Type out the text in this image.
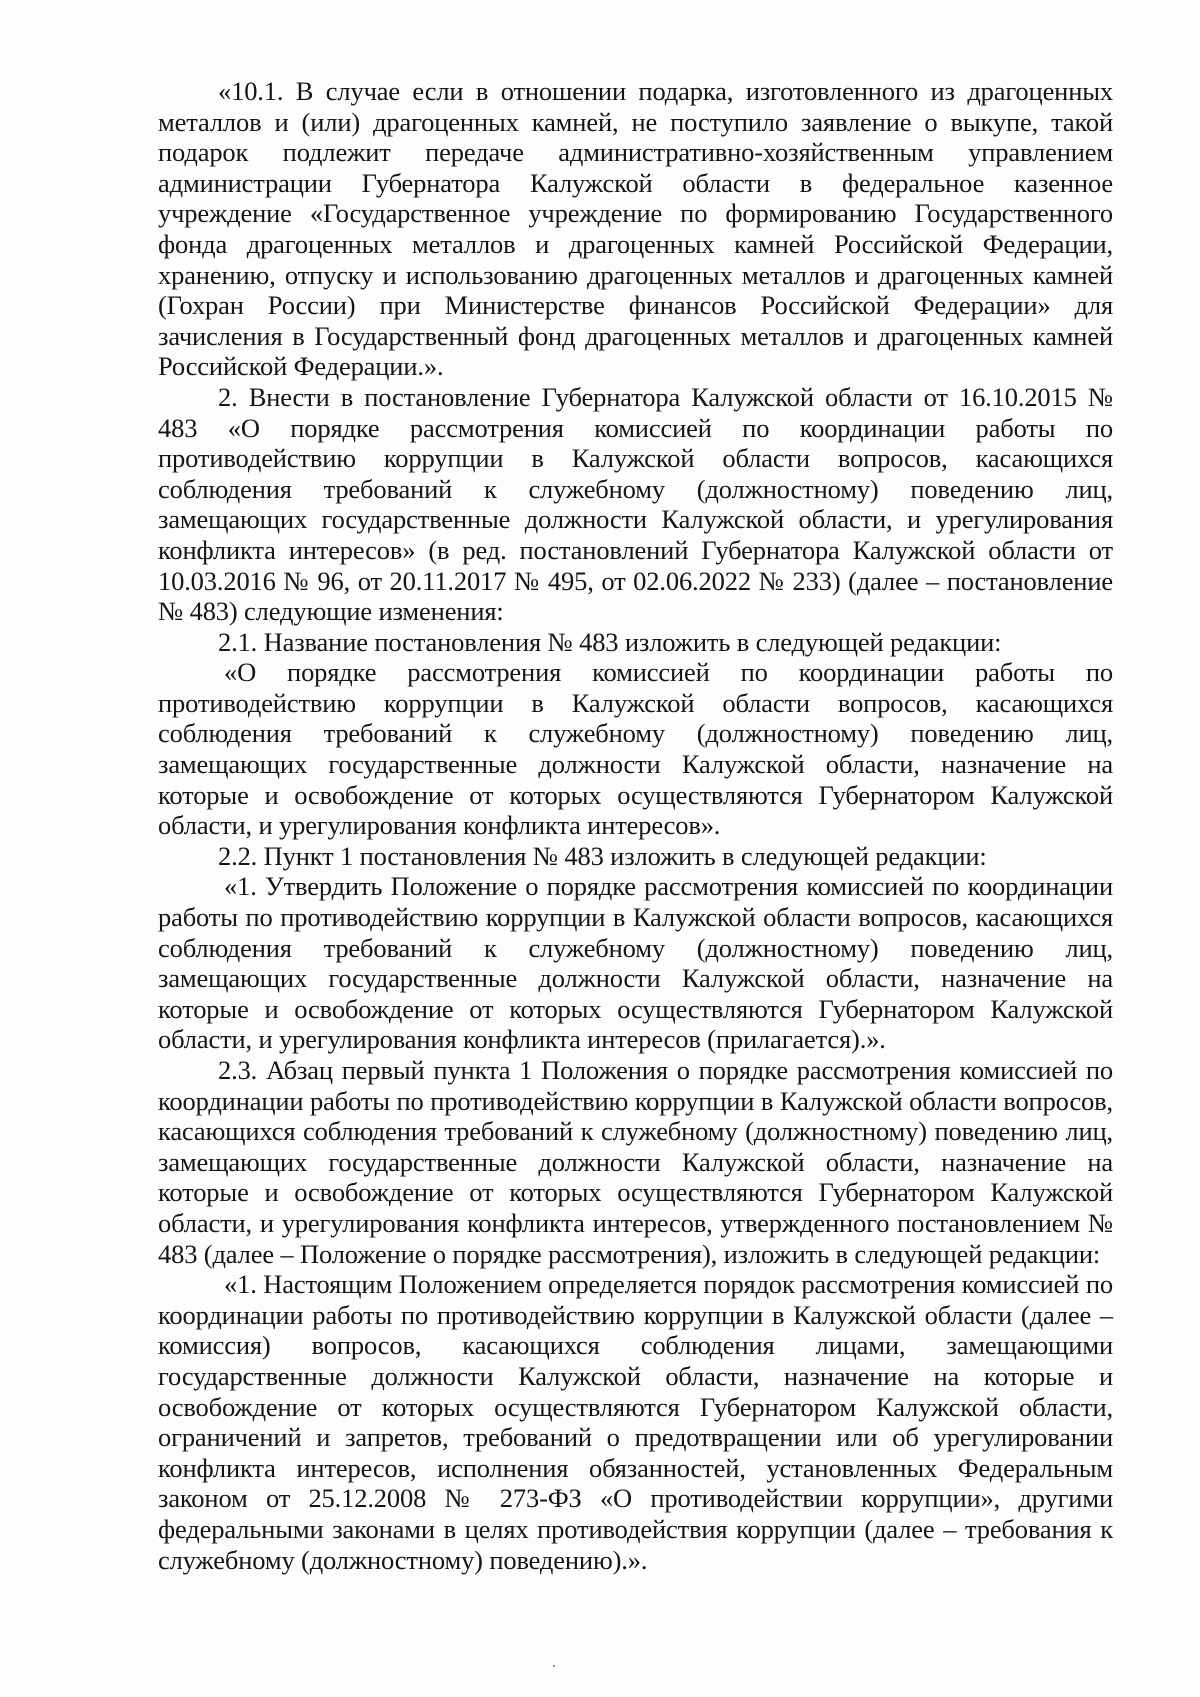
«10.1. В случае если в отношении подарка, изготовленного из драгоценных металлов и (или) драгоценных камней, не поступило заявление о выкупе, такой подарок подлежит передаче административно-хозяйственным управлением администрации Губернатора Калужской области в федеральное казенное учреждение «Государственное учреждение по формированию Государственного фонда драгоценных металлов и драгоценных камней Российской Федерации, хранению, отпуску и использованию драгоценных металлов и драгоценных камней (Гохран России) при Министерстве финансов Российской Федерации» для зачисления в Государственный фонд драгоценных металлов и драгоценных камней Российской Федерации.».

2. Внести в постановление Губернатора Калужской области от 16.10.2015 № 483 «О порядке рассмотрения комиссией по координации работы по противодействию коррупции в Калужской области вопросов, касающихся соблюдения требований к служебному (должностному) поведению лиц, замещающих государственные должности Калужской области, и урегулирования конфликта интересов» (в ред. постановлений Губернатора Калужской области от 10.03.2016 № 96, от 20.11.2017 № 495, от 02.06.2022 № 233) (далее – постановление № 483) следующие изменения:

2.1. Название постановления № 483 изложить в следующей редакции:

«О порядке рассмотрения комиссией по координации работы по противодействию коррупции в Калужской области вопросов, касающихся соблюдения требований к служебному (должностному) поведению лиц, замещающих государственные должности Калужской области, назначение на которые и освобождение от которых осуществляются Губернатором Калужской области, и урегулирования конфликта интересов».

2.2. Пункт 1 постановления № 483 изложить в следующей редакции:

«1. Утвердить Положение о порядке рассмотрения комиссией по координации работы по противодействию коррупции в Калужской области вопросов, касающихся соблюдения требований к служебному (должностному) поведению лиц, замещающих государственные должности Калужской области, назначение на которые и освобождение от которых осуществляются Губернатором Калужской области, и урегулирования конфликта интересов (прилагается).».

2.3. Абзац первый пункта 1 Положения о порядке рассмотрения комиссией по координации работы по противодействию коррупции в Калужской области вопросов, касающихся соблюдения требований к служебному (должностному) поведению лиц, замещающих государственные должности Калужской области, назначение на которые и освобождение от которых осуществляются Губернатором Калужской области, и урегулирования конфликта интересов, утвержденного постановлением № 483 (далее – Положение о порядке рассмотрения), изложить в следующей редакции:

«1. Настоящим Положением определяется порядок рассмотрения комиссией по координации работы по противодействию коррупции в Калужской области (далее – комиссия) вопросов, касающихся соблюдения лицами, замещающими государственные должности Калужской области, назначение на которые и освобождение от которых осуществляются Губернатором Калужской области, ограничений и запретов, требований о предотвращении или об урегулировании конфликта интересов, исполнения обязанностей, установленных Федеральным законом от 25.12.2008 № 273-ФЗ «О противодействии коррупции», другими федеральными законами в целях противодействия коррупции (далее – требования к служебному (должностному) поведению).».
